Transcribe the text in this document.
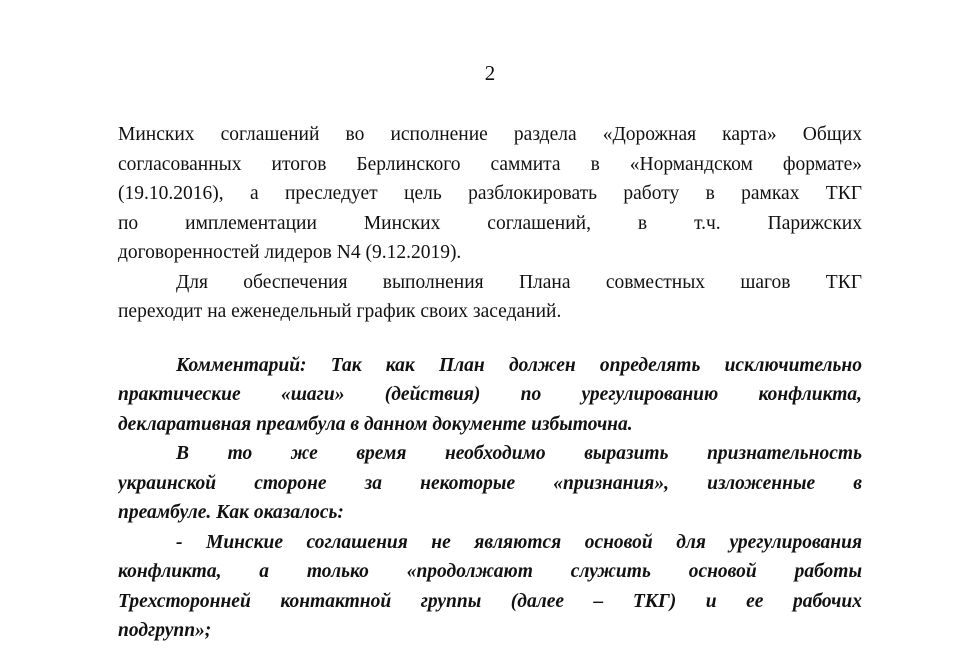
2
Минских соглашений во исполнение раздела «Дорожная карта» Общих
согласованных итогов Берлинского саммита в «Нормандском формате»
(19.10.2016), а преследует цель разблокировать работу в рамках ТКГ
по имплементации Минских соглашений, в т.ч. Парижских
договоренностей лидеров N4 (9.12.2019).
Для обеспечения выполнения Плана совместных шагов ТКГ
переходит на еженедельный график своих заседаний.
Комментарий: Так как План должен определять исключительно
практические «шаги» (действия) по урегулированию конфликта,
декларативная преамбула в данном документе избыточна.
В то же время необходимо выразить признательность
украинской стороне за некоторые «признания», изложенные в
преамбуле. Как оказалось:
- Минские соглашения не являются основой для урегулирования
конфликта, а только «продолжают служить основой работы
Трехсторонней контактной группы (далее – ТКГ) и ее рабочих
подгрупп»;
